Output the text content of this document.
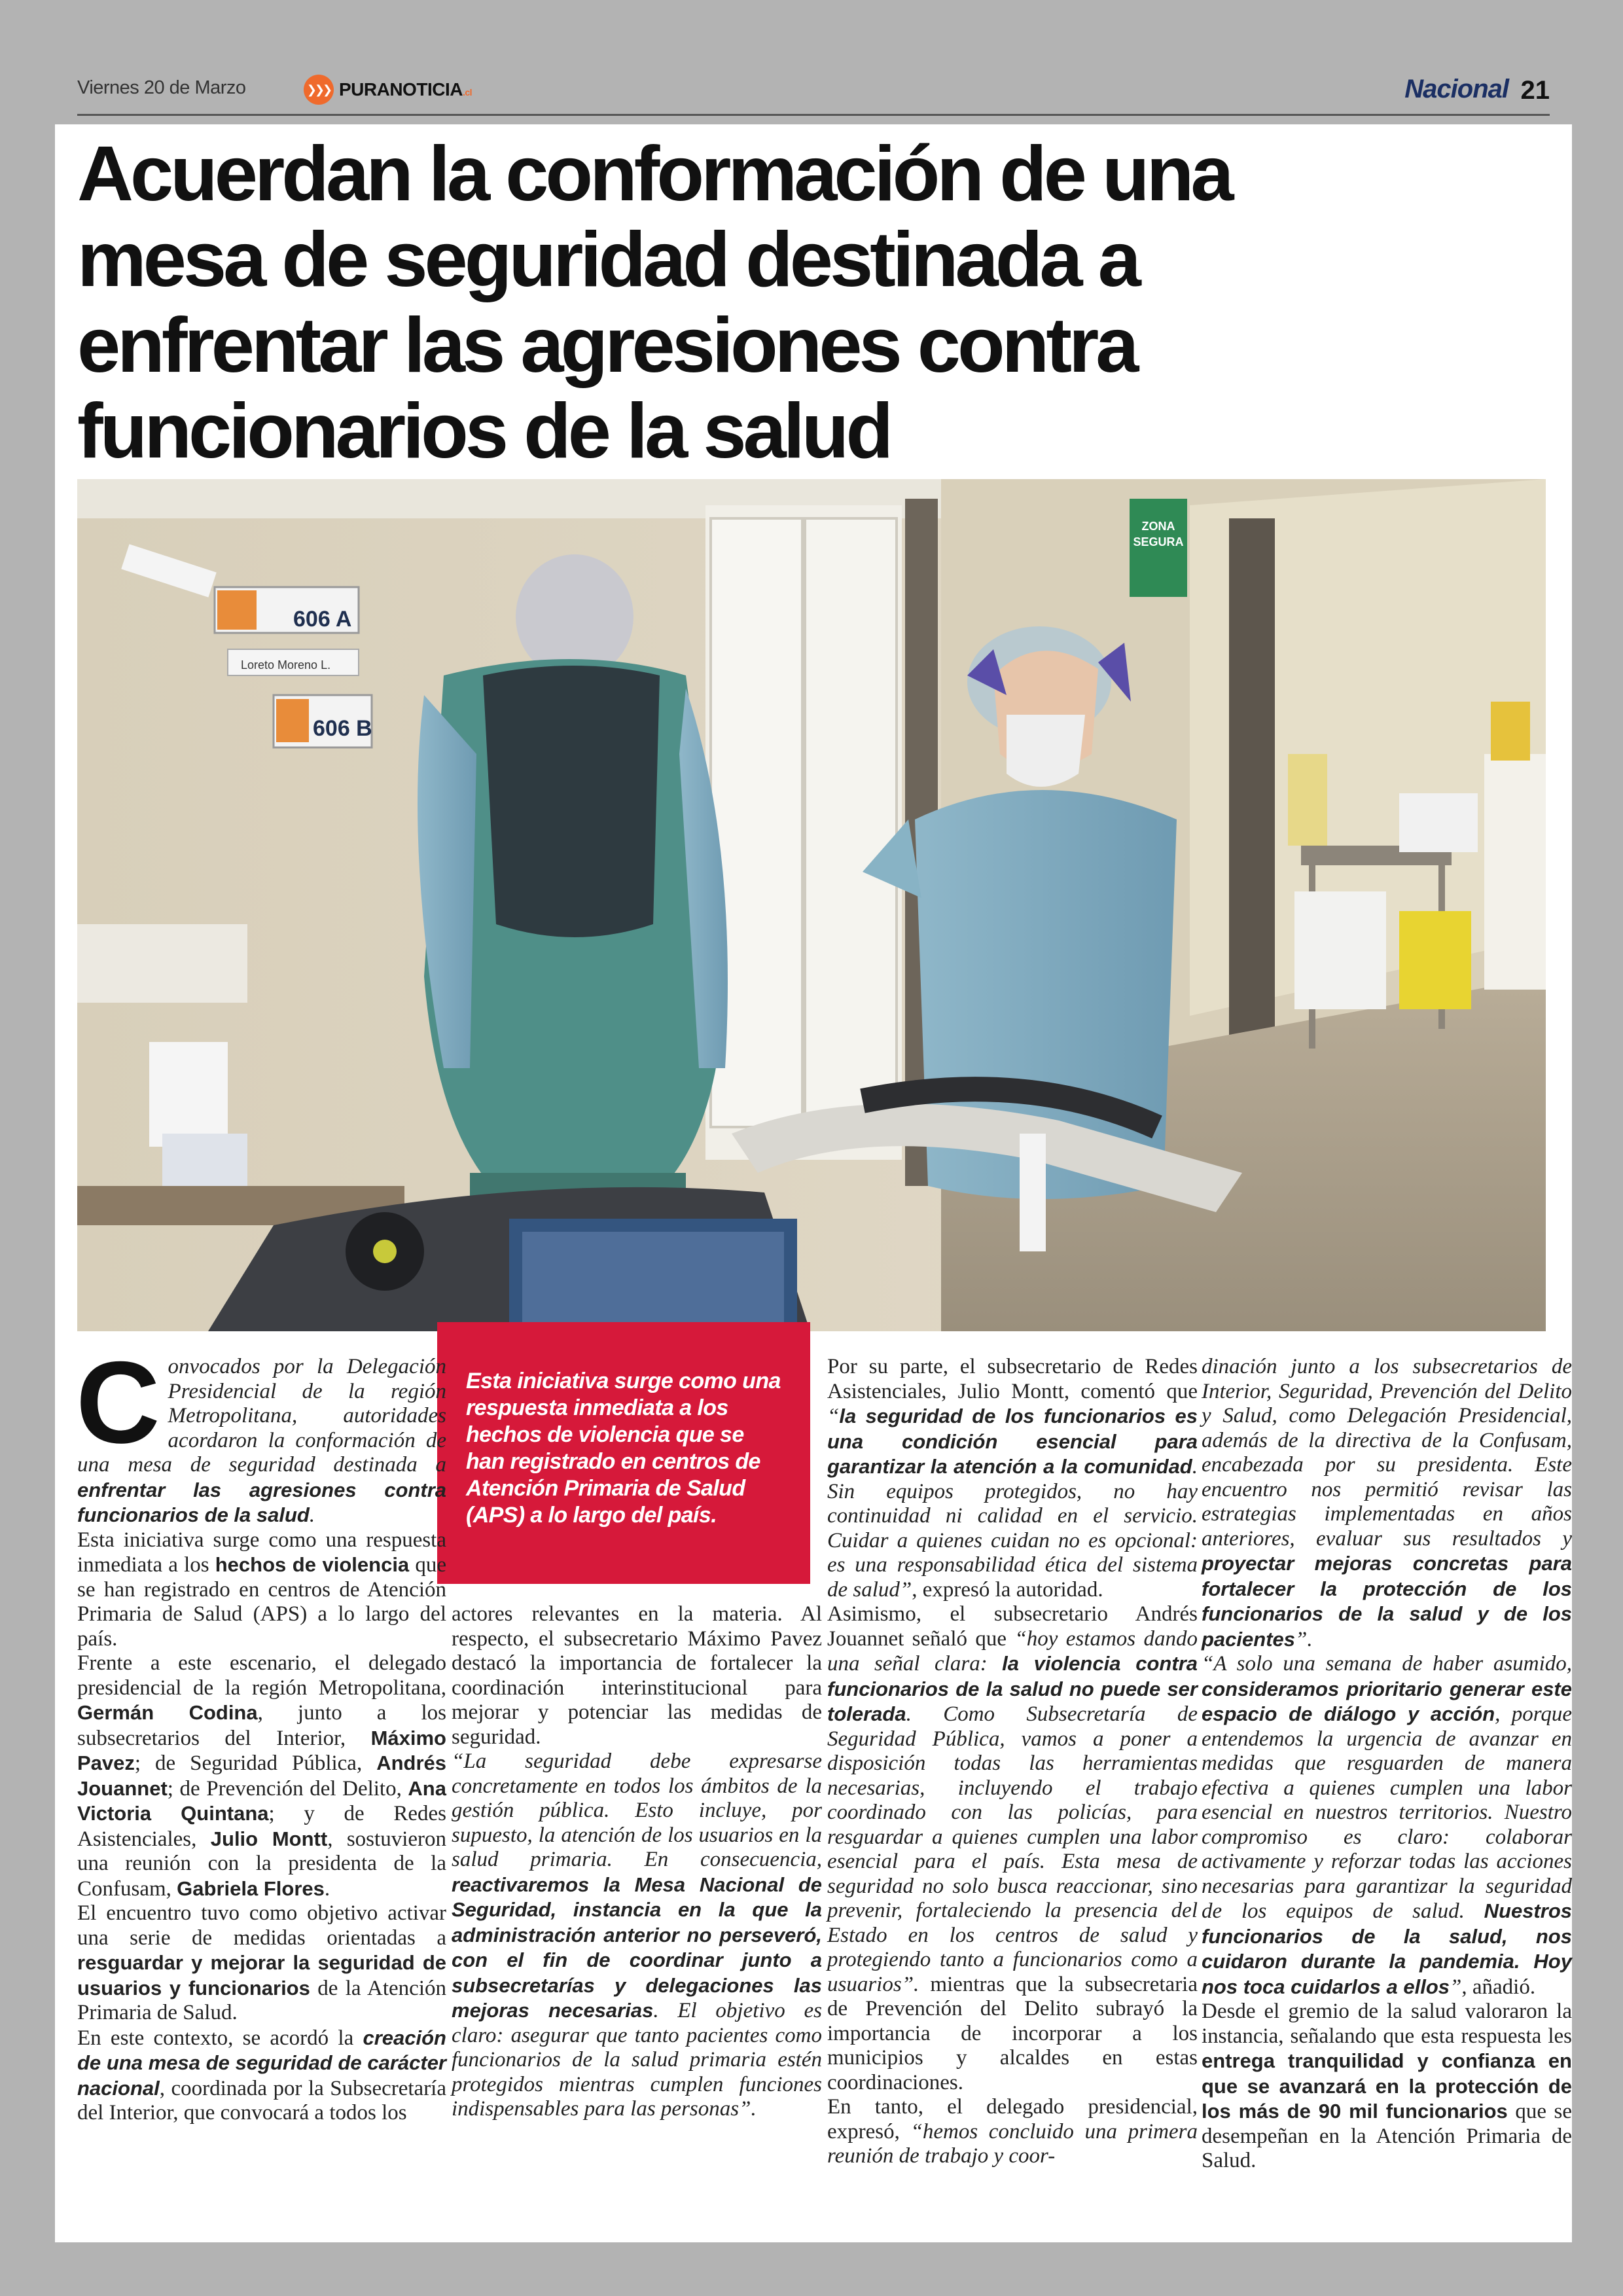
Viernes 20 de Marzo	❯❯❯ PURANOTICIA.cl	Nacional 21
Acuerdan la conformación de una
mesa de seguridad destinada a
enfrentar las agresiones contra
funcionarios de la salud
ZONA
SEGURA
606 A
Loreto Moreno L.
606 B

Esta iniciativa surge como una respuesta inmediata a los hechos de violencia que se han registrado en centros de Atención Primaria de Salud (APS) a lo largo del país.

Convocados por la Delegación Presidencial de la región Metropolitana, autoridades acordaron la conformación de una mesa de seguridad destinada a enfrentar las agresiones contra funcionarios de la salud.

Esta iniciativa surge como una respuesta inmediata a los hechos de violencia que se han registrado en centros de Atención Primaria de Salud (APS) a lo largo del país.

Frente a este escenario, el delegado presidencial de la región Metropolitana, Germán Codina, junto a los subsecretarios del Interior, Máximo Pavez; de Seguridad Pública, Andrés Jouannet; de Prevención del Delito, Ana Victoria Quintana; y de Redes Asistenciales, Julio Montt, sostuvieron una reunión con la presidenta de la Confusam, Gabriela Flores.

El encuentro tuvo como objetivo activar una serie de medidas orientadas a resguardar y mejorar la seguridad de usuarios y funcionarios de la Atención Primaria de Salud.

En este contexto, se acordó la creación de una mesa de seguridad de carácter nacional, coordinada por la Subsecretaría del Interior, que convocará a todos los

actores relevantes en la materia. Al respecto, el subsecretario Máximo Pavez destacó la importancia de fortalecer la coordinación interinstitucional para mejorar y potenciar las medidas de seguridad.

“La seguridad debe expresarse concretamente en todos los ámbitos de la gestión pública. Esto incluye, por supuesto, la atención de los usuarios en la salud primaria. En consecuencia, reactivaremos la Mesa Nacional de Seguridad, instancia en la que la administración anterior no perseveró, con el fin de coordinar junto a subsecretarías y delegaciones las mejoras necesarias. El objetivo es claro: asegurar que tanto pacientes como funcionarios de la salud primaria estén protegidos mientras cumplen funciones indispensables para las personas”.

Por su parte, el subsecretario de Redes Asistenciales, Julio Montt, comentó que “la seguridad de los funcionarios es una condición esencial para garantizar la atención a la comunidad. Sin equipos protegidos, no hay continuidad ni calidad en el servicio. Cuidar a quienes cuidan no es opcional: es una responsabilidad ética del sistema de salud”, expresó la autoridad.

Asimismo, el subsecretario Andrés Jouannet señaló que “hoy estamos dando una señal clara: la violencia contra funcionarios de la salud no puede ser tolerada. Como Subsecretaría de Seguridad Pública, vamos a poner a disposición todas las herramientas necesarias, incluyendo el trabajo coordinado con las policías, para resguardar a quienes cumplen una labor esencial para el país. Esta mesa de seguridad no solo busca reaccionar, sino prevenir, fortaleciendo la presencia del Estado en los centros de salud y protegiendo tanto a funcionarios como a usuarios”. mientras que la subsecretaria de Prevención del Delito subrayó la importancia de incorporar a los municipios y alcaldes en estas coordinaciones.

En tanto, el delegado presidencial, expresó, “hemos concluido una primera reunión de trabajo y coor-

dinación junto a los subsecretarios de Interior, Seguridad, Prevención del Delito y Salud, como Delegación Presidencial, además de la directiva de la Confusam, encabezada por su presidenta. Este encuentro nos permitió revisar las estrategias implementadas en años anteriores, evaluar sus resultados y proyectar mejoras concretas para fortalecer la protección de los funcionarios de la salud y de los pacientes”.

“A solo una semana de haber asumido, consideramos prioritario generar este espacio de diálogo y acción, porque entendemos la urgencia de avanzar en medidas que resguarden de manera efectiva a quienes cumplen una labor esencial en nuestros territorios. Nuestro compromiso es claro: colaborar activamente y reforzar todas las acciones necesarias para garantizar la seguridad de los equipos de salud. Nuestros funcionarios de la salud, nos cuidaron durante la pandemia. Hoy nos toca cuidarlos a ellos”, añadió.

Desde el gremio de la salud valoraron la instancia, señalando que esta respuesta les entrega tranquilidad y confianza en que se avanzará en la protección de los más de 90 mil funcionarios que se desempeñan en la Atención Primaria de Salud.
